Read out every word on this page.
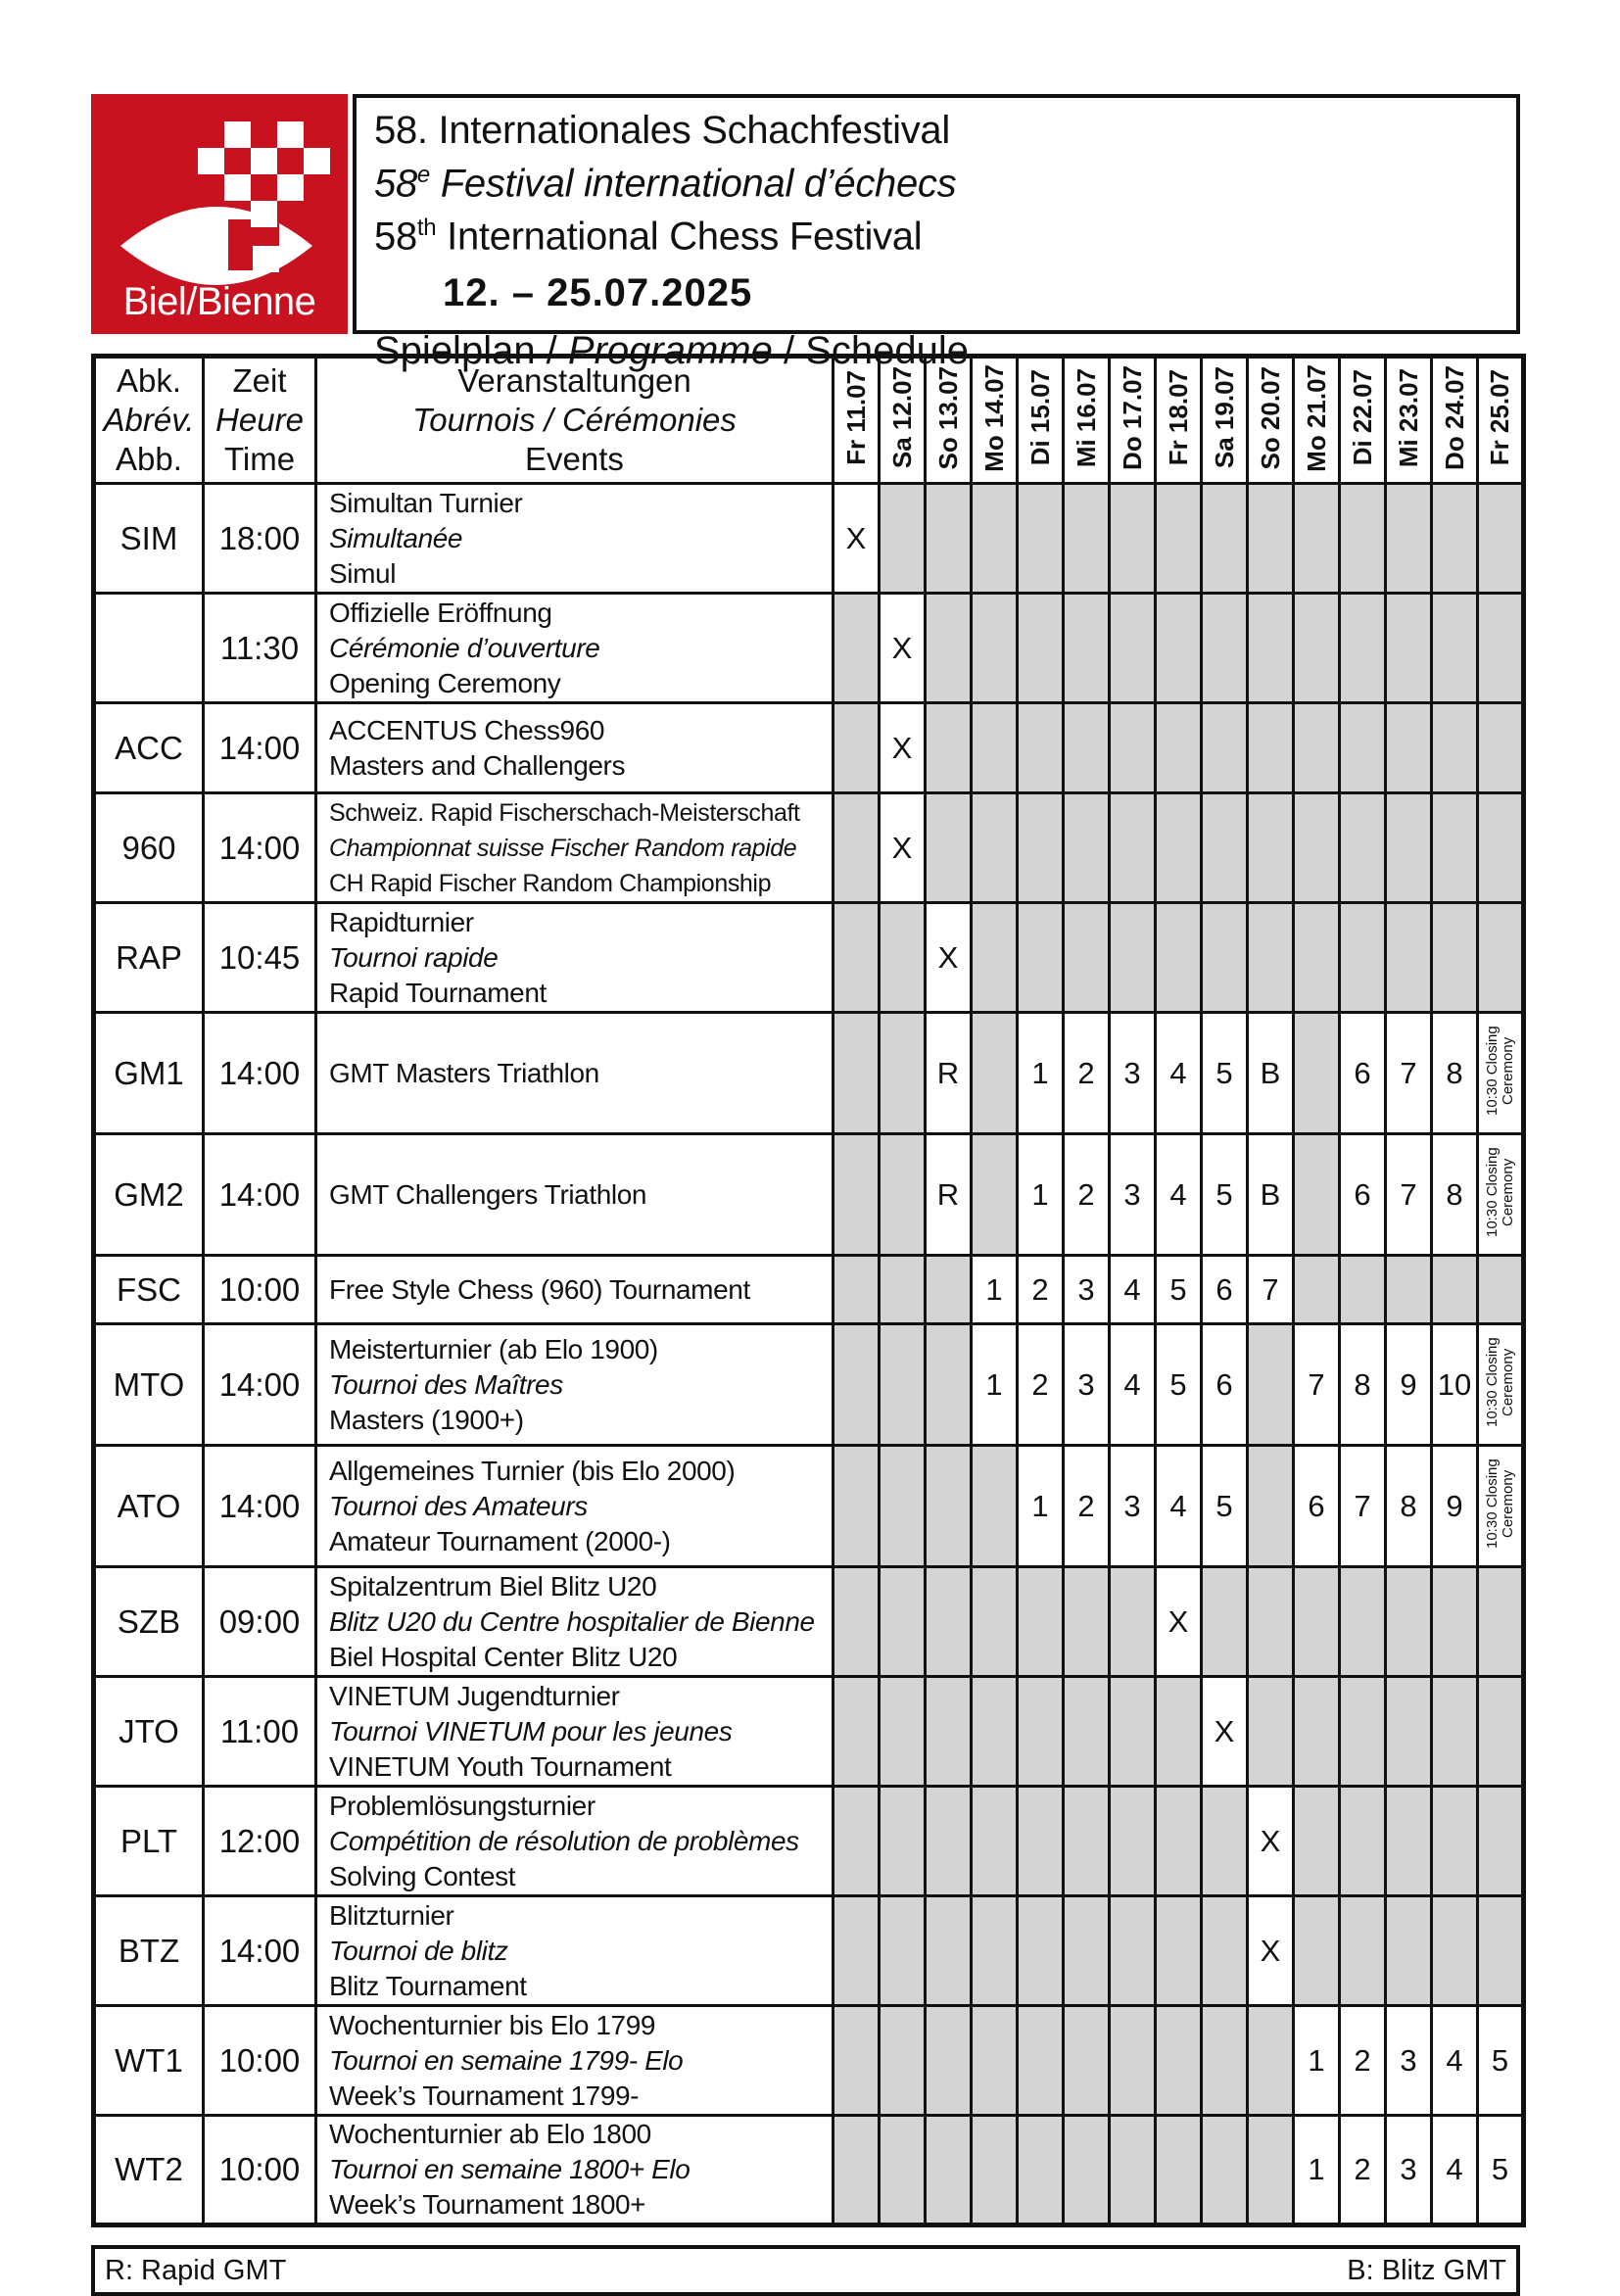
Biel/Bienne
58. Internationales Schachfestival
58e Festival international d’échecs
58th International Chess Festival
12. – 25.07.2025
Spielplan / Programme / Schedule
Abk.
Abrév.
Abb.

Zeit
Heure
Time

Veranstaltungen
Tournois / Cérémonies
Events	Fr 11.07	Sa 12.07	So 13.07	Mo 14.07	Di 15.07	Mi 16.07	Do 17.07	Fr 18.07	Sa 19.07	So 20.07	Mo 21.07	Di 22.07	Mi 23.07	Do 24.07	Fr 25.07
SIM	18:00	Simultan Turnier
Simultanée
Simul	X														
	11:30	Offizielle Eröffnung
Cérémonie d’ouverture
Opening Ceremony		X													
ACC	14:00	ACCENTUS Chess960
Masters and Challengers		X													
960	14:00	Schweiz. Rapid Fischerschach-Meisterschaft
Championnat suisse Fischer Random rapide
CH Rapid Fischer Random Championship		X													
RAP	10:45	Rapidturnier
Tournoi rapide
Rapid Tournament			X												
GM1	14:00	GMT Masters Triathlon			R		1	2	3	4	5	B		6	7	8	10:30 Closing Ceremony
GM2	14:00	GMT Challengers Triathlon			R		1	2	3	4	5	B		6	7	8	10:30 Closing Ceremony
FSC	10:00	Free Style Chess (960) Tournament				1	2	3	4	5	6	7					
MTO	14:00	Meisterturnier (ab Elo 1900)
Tournoi des Maîtres
Masters (1900+)				1	2	3	4	5	6		7	8	9	10	10:30 Closing Ceremony
ATO	14:00	Allgemeines Turnier (bis Elo 2000)
Tournoi des Amateurs
Amateur Tournament (2000-)					1	2	3	4	5		6	7	8	9	10:30 Closing Ceremony
SZB	09:00	Spitalzentrum Biel Blitz U20
Blitz U20 du Centre hospitalier de Bienne
Biel Hospital Center Blitz U20								X							
JTO	11:00	VINETUM Jugendturnier
Tournoi VINETUM pour les jeunes
VINETUM Youth Tournament									X						
PLT	12:00	Problemlösungsturnier
Compétition de résolution de problèmes
Solving Contest										X					
BTZ	14:00	Blitzturnier
Tournoi de blitz
Blitz Tournament										X					
WT1	10:00	Wochenturnier bis Elo 1799
Tournoi en semaine 1799- Elo
Week’s Tournament 1799-											1	2	3	4	5
WT2	10:00	Wochenturnier ab Elo 1800
Tournoi en semaine 1800+ Elo
Week’s Tournament 1800+											1	2	3	4	5
R: Rapid GMT	B: Blitz GMT
